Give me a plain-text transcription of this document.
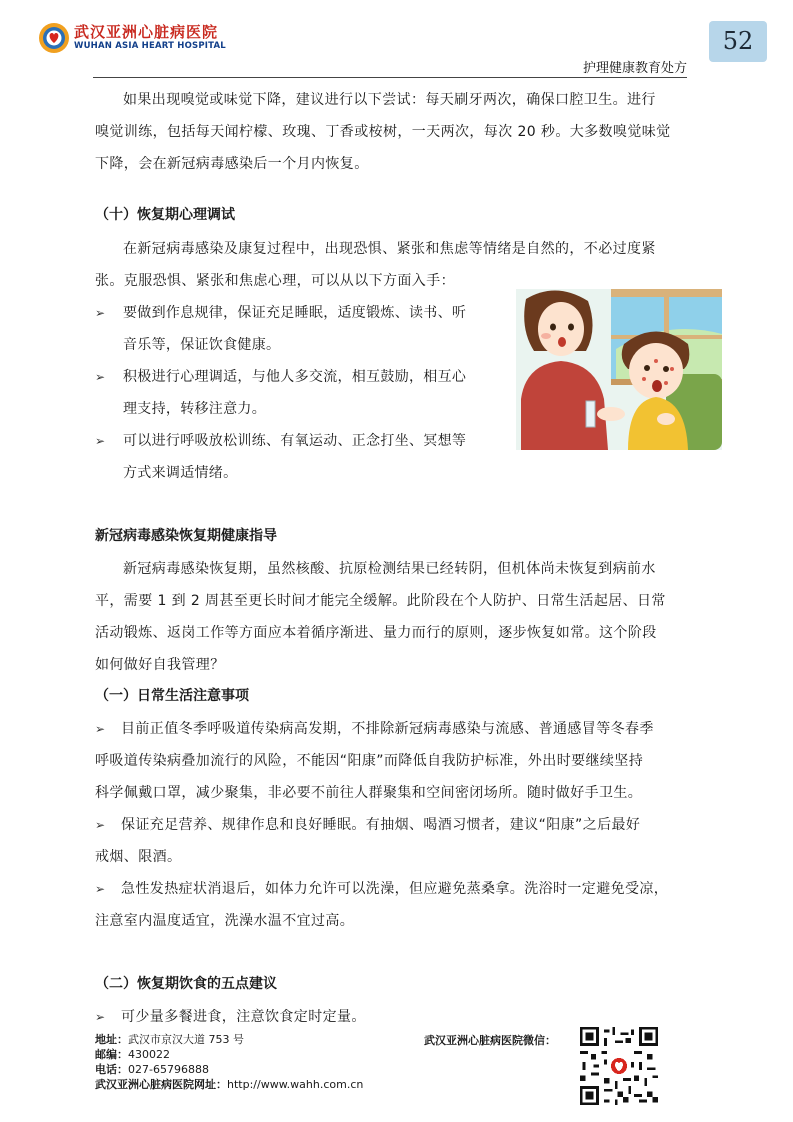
武汉亚洲心脏病医院
WUHAN ASIA HEART HOSPITAL	52
护理健康教育处方
如果出现嗅觉或味觉下降，建议进行以下尝试：每天刷牙两次，确保口腔卫生。进行
嗅觉训练，包括每天闻柠檬、玫瑰、丁香或桉树，一天两次，每次 20 秒。大多数嗅觉味觉
下降，会在新冠病毒感染后一个月内恢复。
（十）恢复期心理调试
在新冠病毒感染及康复过程中，出现恐惧、紧张和焦虑等情绪是自然的，不必过度紧
张。克服恐惧、紧张和焦虑心理，可以从以下方面入手：
➢	要做到作息规律，保证充足睡眠，适度锻炼、读书、听
音乐等，保证饮食健康。
➢	积极进行心理调适，与他人多交流，相互鼓励，相互心
理支持，转移注意力。
➢	可以进行呼吸放松训练、有氧运动、正念打坐、冥想等
方式来调适情绪。
新冠病毒感染恢复期健康指导
新冠病毒感染恢复期，虽然核酸、抗原检测结果已经转阴，但机体尚未恢复到病前水
平，需要 1 到 2 周甚至更长时间才能完全缓解。此阶段在个人防护、日常生活起居、日常
活动锻炼、返岗工作等方面应本着循序渐进、量力而行的原则，逐步恢复如常。这个阶段
如何做好自我管理？
（一）日常生活注意事项
➢ 目前正值冬季呼吸道传染病高发期，不排除新冠病毒感染与流感、普通感冒等冬春季
呼吸道传染病叠加流行的风险，不能因“阳康”而降低自我防护标准，外出时要继续坚持
科学佩戴口罩，减少聚集，非必要不前往人群聚集和空间密闭场所。随时做好手卫生。
➢ 保证充足营养、规律作息和良好睡眠。有抽烟、喝酒习惯者，建议“阳康”之后最好
戒烟、限酒。
➢ 急性发热症状消退后，如体力允许可以洗澡，但应避免蒸桑拿。洗浴时一定避免受凉，
注意室内温度适宜，洗澡水温不宜过高。
（二）恢复期饮食的五点建议
➢ 可少量多餐进食，注意饮食定时定量。
地址：武汉市京汉大道 753 号
邮编：430022
电话：027-65796888
武汉亚洲心脏病医院网址：http://www.wahh.com.cn
武汉亚洲心脏病医院微信：
